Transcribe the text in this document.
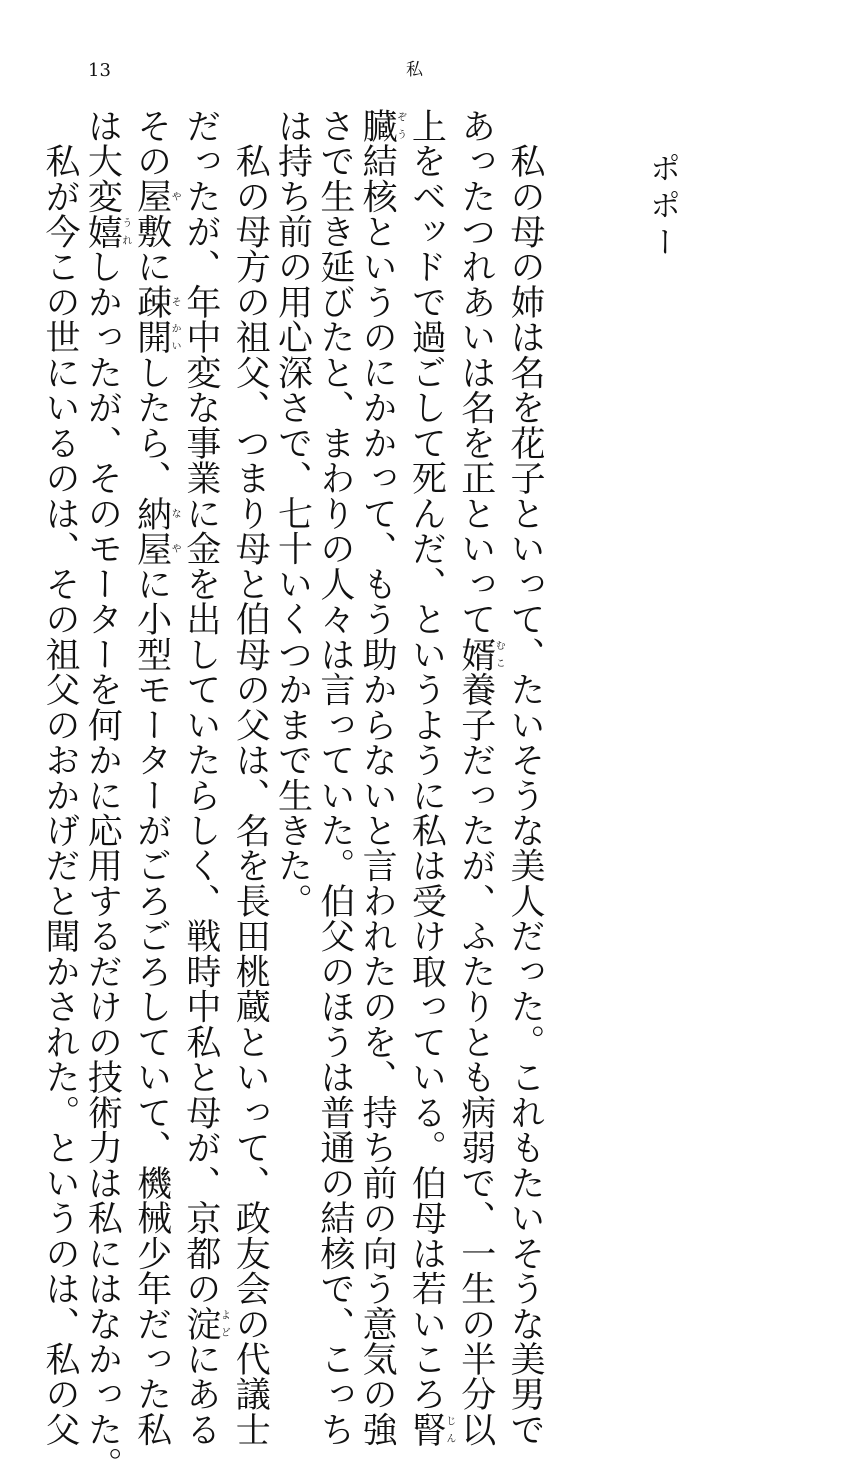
13	私
ポポー
　私の母の姉は名を花子といって、たいそうな美人だった。これもたいそうな美男で
あったつれあいは名を正といって婿むこ養子だったが、ふたりとも病弱で、一生の半分以
上をベッドで過ごして死んだ、というように私は受け取っている。伯母は若いころ腎じん
臓ぞう結核というのにかかって、もう助からないと言われたのを、持ち前の向う意気の強
さで生き延びたと、まわりの人々は言っていた。伯父のほうは普通の結核で、こっち
は持ち前の用心深さで、七十いくつかまで生きた。
　私の母方の祖父、つまり母と伯母の父は、名を長田桃蔵といって、政友会の代議士
だったが、年中変な事業に金を出していたらしく、戦時中私と母が、京都の淀よどにある
その屋や敷に疎そ開かいしたら、納な屋やに小型モーターがごろごろしていて、機械少年だった私
は大変嬉うれしかったが、そのモーターを何かに応用するだけの技術力は私にはなかった。
　私が今この世にいるのは、その祖父のおかげだと聞かされた。というのは、私の父
